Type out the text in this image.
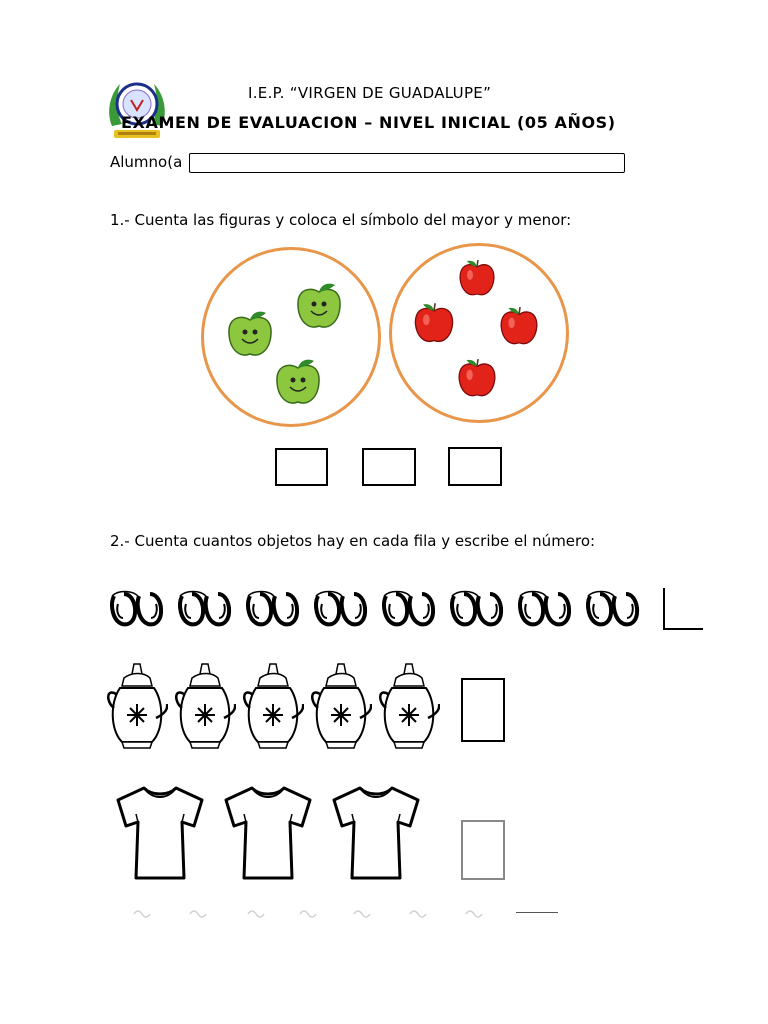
I.E.P. “VIRGEN DE GUADALUPE”
EXAMEN DE EVALUACION – NIVEL INICIAL (05 AÑOS)
Alumno(a
1.- Cuenta las figuras y coloca el símbolo del mayor y menor:
2.- Cuenta cuantos objetos hay en cada fila y escribe el número:
